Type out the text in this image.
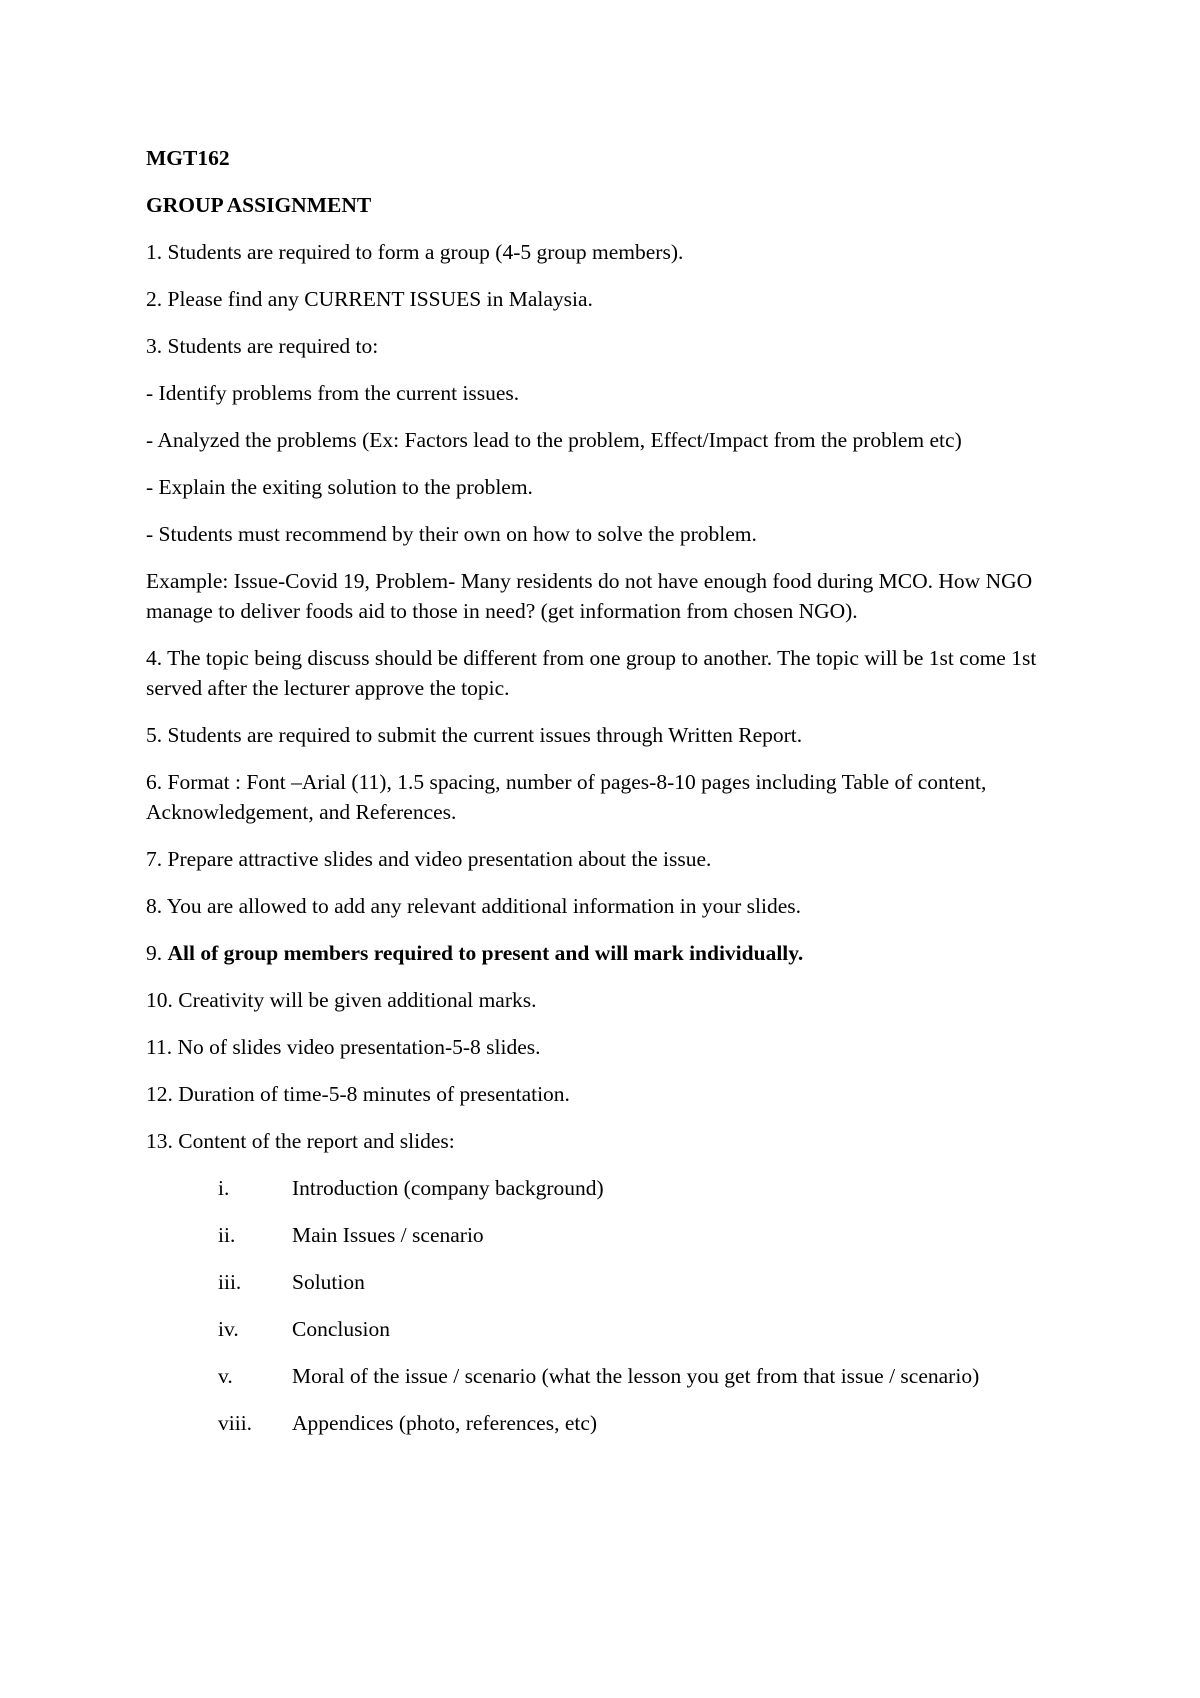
MGT162

GROUP ASSIGNMENT

1. Students are required to form a group (4-5 group members).

2. Please find any CURRENT ISSUES in Malaysia.

3. Students are required to:

- Identify problems from the current issues.

- Analyzed the problems (Ex: Factors lead to the problem, Effect/Impact from the problem etc)

- Explain the exiting solution to the problem.

- Students must recommend by their own on how to solve the problem.

Example: Issue-Covid 19, Problem- Many residents do not have enough food during MCO. How NGO manage to deliver foods aid to those in need? (get information from chosen NGO).

4. The topic being discuss should be different from one group to another. The topic will be 1st come 1st served after the lecturer approve the topic.

5. Students are required to submit the current issues through Written Report.

6. Format : Font –Arial (11), 1.5 spacing, number of pages-8-10 pages including Table of content, Acknowledgement, and References.

7. Prepare attractive slides and video presentation about the issue.

8. You are allowed to add any relevant additional information in your slides.

9. All of group members required to present and will mark individually.

10. Creativity will be given additional marks.

11. No of slides video presentation-5-8 slides.

12. Duration of time-5-8 minutes of presentation.

13. Content of the report and slides:

i.	Introduction (company background)
ii.	Main Issues / scenario
iii.	Solution
iv.	Conclusion
v.	Moral of the issue / scenario (what the lesson you get from that issue / scenario)
viii.	Appendices (photo, references, etc)
